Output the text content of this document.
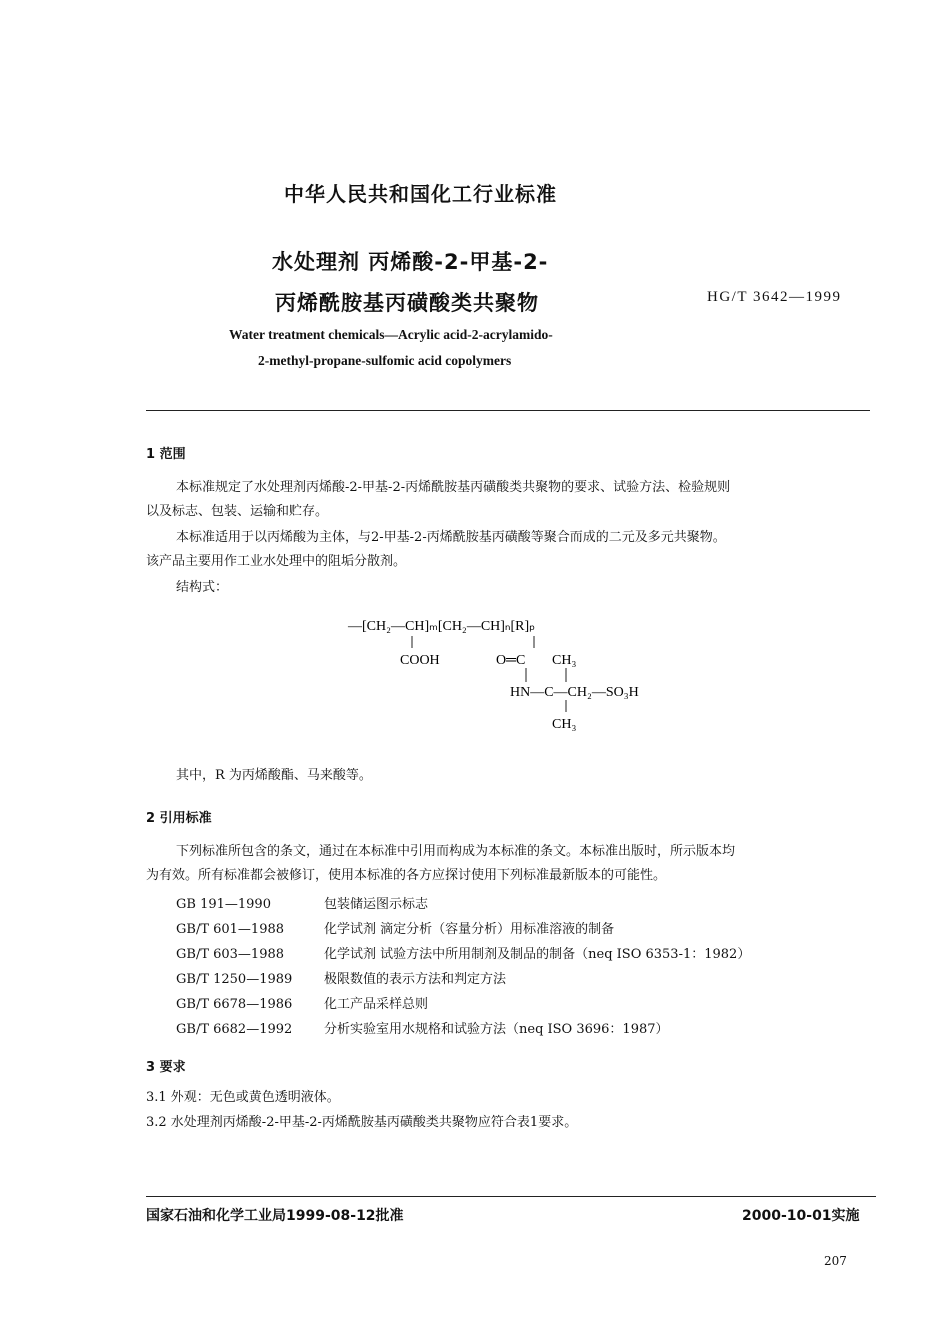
中华人民共和国化工行业标准
水处理剂 丙烯酸-2-甲基-2-
丙烯酰胺基丙磺酸类共聚物	HG/T 3642—1999
Water treatment chemicals—Acrylic acid-2-acrylamido-
2-methyl-propane-sulfomic acid copolymers
1 范围
本标准规定了水处理剂丙烯酸-2-甲基-2-丙烯酰胺基丙磺酸类共聚物的要求、试验方法、检验规则
以及标志、包装、运输和贮存。
本标准适用于以丙烯酸为主体，与2-甲基-2-丙烯酰胺基丙磺酸等聚合而成的二元及多元共聚物。
该产品主要用作工业水处理中的阻垢分散剂。
结构式：
—[CH₂—CH]ₘ[CH₂—CH]ₙ[R]ₚ
COOH	O═C CH₃
HN—C—CH₂—SO₃H
CH₃
其中，R 为丙烯酸酯、马来酸等。
2 引用标准
下列标准所包含的条文，通过在本标准中引用而构成为本标准的条文。本标准出版时，所示版本均
为有效。所有标准都会被修订，使用本标准的各方应探讨使用下列标准最新版本的可能性。
GB 191—1990	包装储运图示标志
GB/T 601—1988	化学试剂 滴定分析（容量分析）用标准溶液的制备
GB/T 603—1988	化学试剂 试验方法中所用制剂及制品的制备（neq ISO 6353-1：1982）
GB/T 1250—1989 极限数值的表示方法和判定方法
GB/T 6678—1986 化工产品采样总则
GB/T 6682—1992 分析实验室用水规格和试验方法（neq ISO 3696：1987）
3 要求
3.1 外观：无色或黄色透明液体。
3.2 水处理剂丙烯酸-2-甲基-2-丙烯酰胺基丙磺酸类共聚物应符合表1要求。
国家石油和化学工业局1999-08-12批准	2000-10-01实施
207
